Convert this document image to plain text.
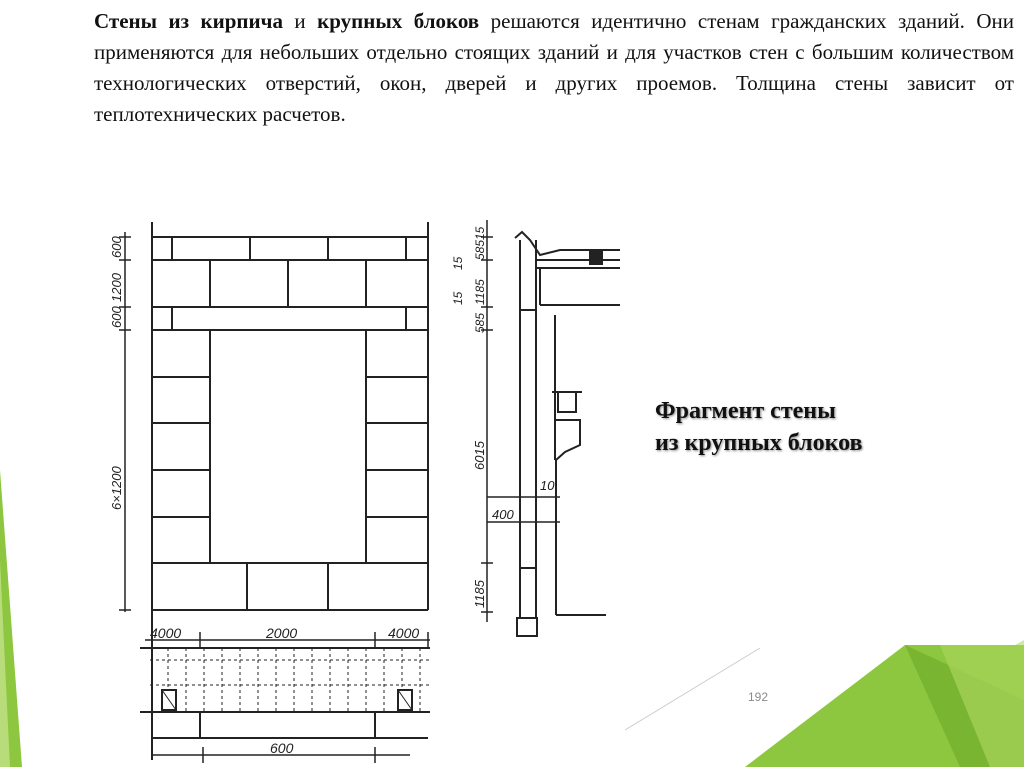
Стены из кирпича и крупных блоков решаются идентично стенам гражданских зданий. Они применяются для небольших отдельно стоящих зданий и для участков стен с большим количеством технологических отверстий, окон, дверей и других проемов. Толщина стены зависит от теплотехнических расчетов.

600
1200
600
6×1200
4000	2000	4000
600
15
585
15
1185
15
585
6015
400
1185
10
Фрагмент стены
из крупных блоков
192
